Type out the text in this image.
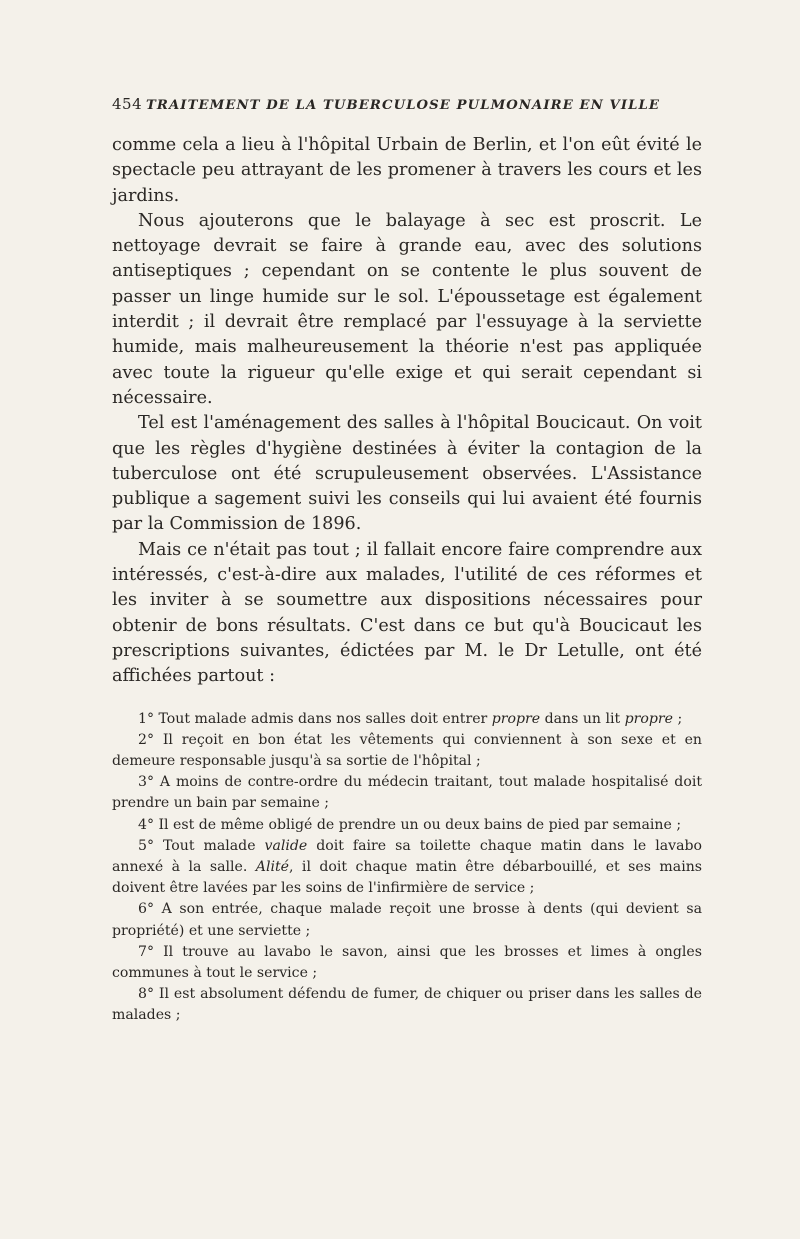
454 TRAITEMENT DE LA TUBERCULOSE PULMONAIRE EN VILLE

comme cela a lieu à l'hôpital Urbain de Berlin, et l'on eût évité le spectacle peu attrayant de les promener à travers les cours et les jardins.

Nous ajouterons que le balayage à sec est proscrit. Le nettoyage devrait se faire à grande eau, avec des solutions antiseptiques ; cependant on se contente le plus souvent de passer un linge humide sur le sol. L'époussetage est également interdit ; il devrait être remplacé par l'essuyage à la serviette humide, mais malheureusement la théorie n'est pas appliquée avec toute la rigueur qu'elle exige et qui serait cependant si nécessaire.

Tel est l'aménagement des salles à l'hôpital Boucicaut. On voit que les règles d'hygiène destinées à éviter la contagion de la tuberculose ont été scrupuleusement observées. L'Assistance publique a sagement suivi les conseils qui lui avaient été fournis par la Commission de 1896.

Mais ce n'était pas tout ; il fallait encore faire comprendre aux intéressés, c'est-à-dire aux malades, l'utilité de ces réformes et les inviter à se soumettre aux dispositions nécessaires pour obtenir de bons résultats. C'est dans ce but qu'à Boucicaut les prescriptions suivantes, édictées par M. le Dr Letulle, ont été affichées partout :

1° Tout malade admis dans nos salles doit entrer propre dans un lit propre ;

2° Il reçoit en bon état les vêtements qui conviennent à son sexe et en demeure responsable jusqu'à sa sortie de l'hôpital ;

3° A moins de contre-ordre du médecin traitant, tout malade hospitalisé doit prendre un bain par semaine ;

4° Il est de même obligé de prendre un ou deux bains de pied par semaine ;

5° Tout malade valide doit faire sa toilette chaque matin dans le lavabo annexé à la salle. Alité, il doit chaque matin être débarbouillé, et ses mains doivent être lavées par les soins de l'infirmière de service ;

6° A son entrée, chaque malade reçoit une brosse à dents (qui devient sa propriété) et une serviette ;

7° Il trouve au lavabo le savon, ainsi que les brosses et limes à ongles communes à tout le service ;

8° Il est absolument défendu de fumer, de chiquer ou priser dans les salles de malades ;
